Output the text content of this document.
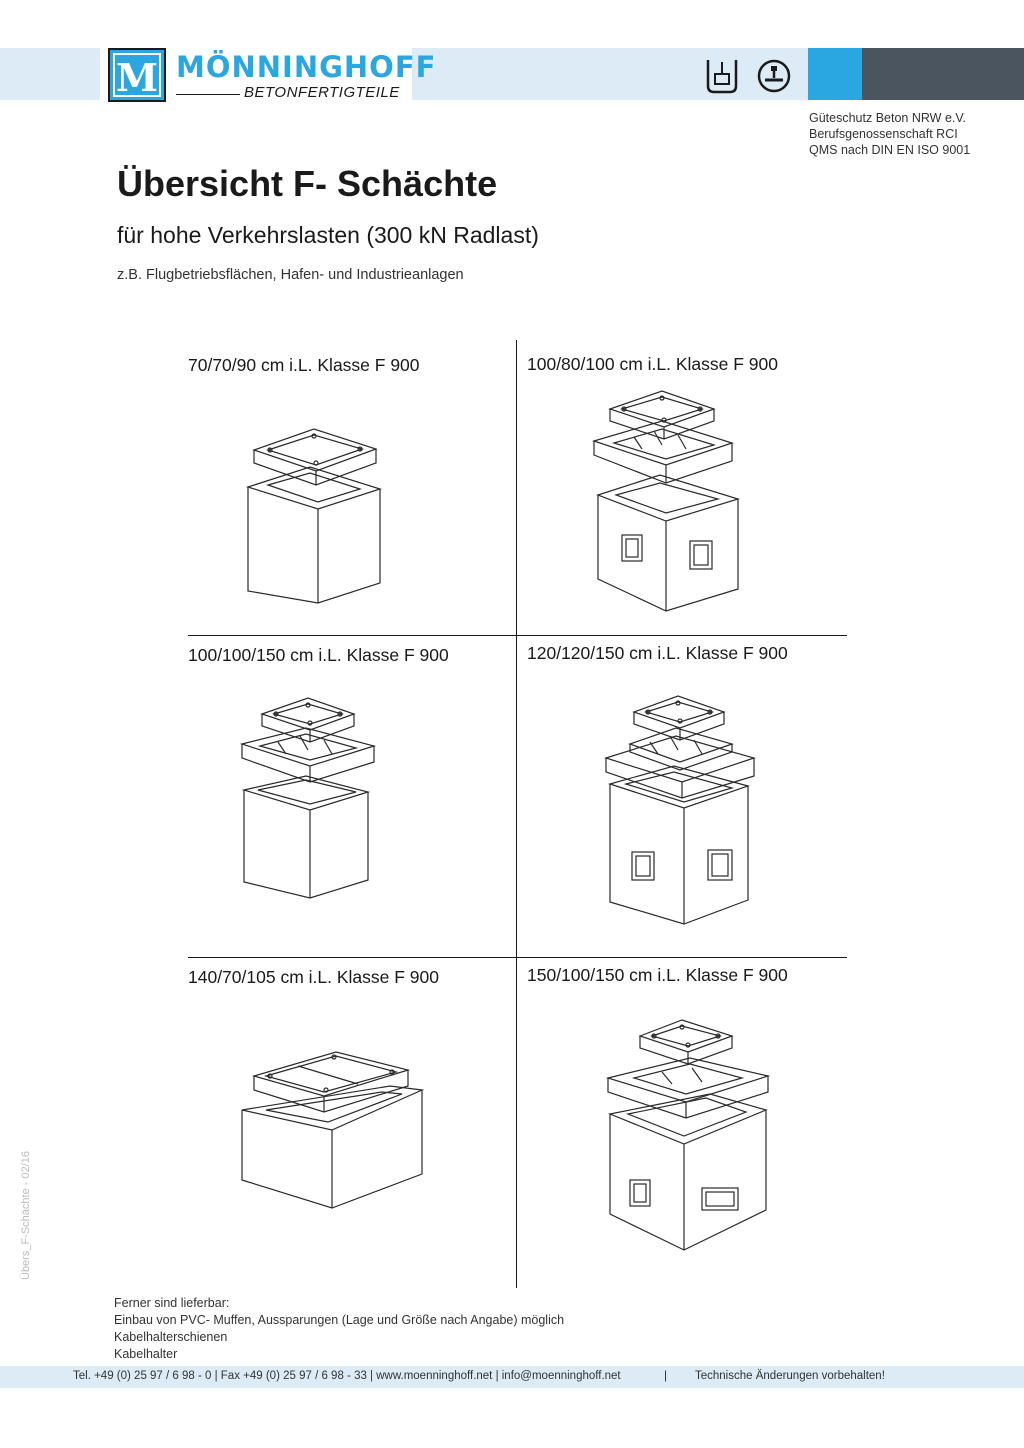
M MÖNNINGHOFF
BETONFERTIGTEILE
Güteschutz Beton NRW e.V.
Berufsgenossenschaft RCI
QMS nach DIN EN ISO 9001
Übersicht F- Schächte
für hohe Verkehrslasten (300 kN Radlast)
z.B. Flugbetriebsflächen, Hafen- und Industrieanlagen
70/70/90 cm i.L. Klasse F 900	100/80/100 cm i.L. Klasse F 900
100/100/150 cm i.L. Klasse F 900	120/120/150 cm i.L. Klasse F 900
140/70/105 cm i.L. Klasse F 900	150/100/150 cm i.L. Klasse F 900
Ferner sind lieferbar:
Einbau von PVC- Muffen, Aussparungen (Lage und Größe nach Angabe) möglich
Kabelhalterschienen
Kabelhalter
Übers_F-Schächte - 02/16
Tel. +49 (0) 25 97 / 6 98 - 0 | Fax +49 (0) 25 97 / 6 98 - 33 | www.moenninghoff.net | info@moenninghoff.net	| Technische Änderungen vorbehalten!
